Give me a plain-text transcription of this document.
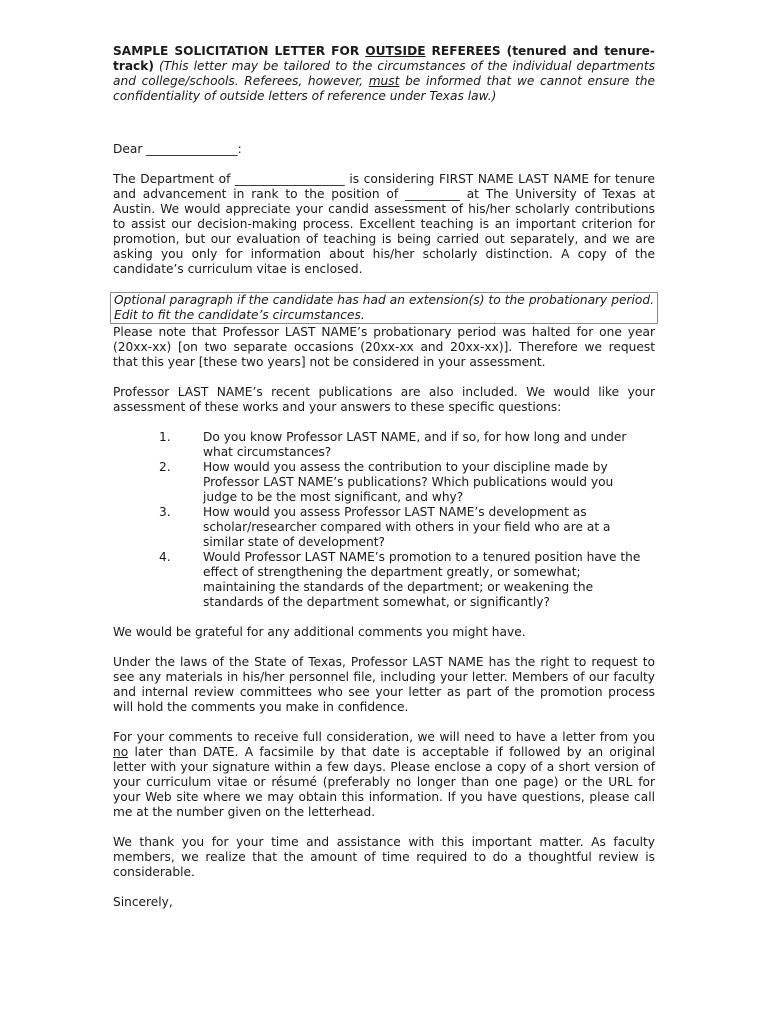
SAMPLE SOLICITATION LETTER FOR OUTSIDE REFEREES (tenured and tenure-track) (This letter may be tailored to the circumstances of the individual departments and college/schools. Referees, however, must be informed that we cannot ensure the confidentiality of outside letters of reference under Texas law.)

Dear _______________:

The Department of __________________ is considering FIRST NAME LAST NAME for tenure and advancement in rank to the position of _________ at The University of Texas at Austin. We would appreciate your candid assessment of his/her scholarly contributions to assist our decision-making process. Excellent teaching is an important criterion for promotion, but our evaluation of teaching is being carried out separately, and we are asking you only for information about his/her scholarly distinction. A copy of the candidate’s curriculum vitae is enclosed.

Optional paragraph if the candidate has had an extension(s) to the probationary period. Edit to fit the candidate’s circumstances.

Please note that Professor LAST NAME’s probationary period was halted for one year (20xx-xx) [on two separate occasions (20xx-xx and 20xx-xx)]. Therefore we request that this year [these two years] not be considered in your assessment.

Professor LAST NAME’s recent publications are also included. We would like your assessment of these works and your answers to these specific questions:

1.	Do you know Professor LAST NAME, and if so, for how long and under what circumstances?
2.	How would you assess the contribution to your discipline made by Professor LAST NAME’s publications? Which publications would you judge to be the most significant, and why?
3.	How would you assess Professor LAST NAME’s development as scholar/researcher compared with others in your field who are at a similar state of development?
4.	Would Professor LAST NAME’s promotion to a tenured position have the effect of strengthening the department greatly, or somewhat; maintaining the standards of the department; or weakening the standards of the department somewhat, or significantly?

We would be grateful for any additional comments you might have.

Under the laws of the State of Texas, Professor LAST NAME has the right to request to see any materials in his/her personnel file, including your letter. Members of our faculty and internal review committees who see your letter as part of the promotion process will hold the comments you make in confidence.

For your comments to receive full consideration, we will need to have a letter from you no later than DATE. A facsimile by that date is acceptable if followed by an original letter with your signature within a few days. Please enclose a copy of a short version of your curriculum vitae or résumé (preferably no longer than one page) or the URL for your Web site where we may obtain this information. If you have questions, please call me at the number given on the letterhead.

We thank you for your time and assistance with this important matter. As faculty members, we realize that the amount of time required to do a thoughtful review is considerable.

Sincerely,
